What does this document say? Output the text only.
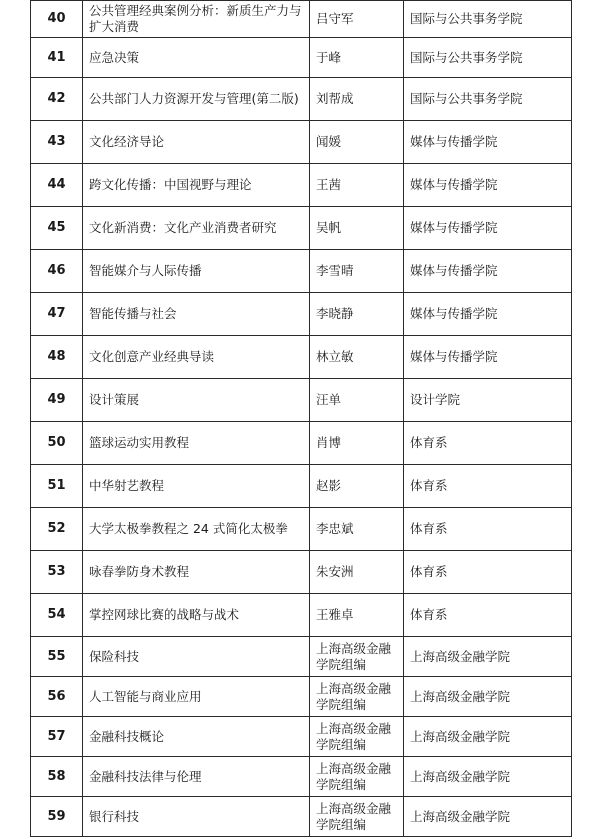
40	公共管理经典案例分析：新质生产力与扩大消费	吕守军	国际与公共事务学院
41	应急决策	于峰	国际与公共事务学院
42	公共部门人力资源开发与管理(第二版)	刘帮成	国际与公共事务学院
43	文化经济导论	闻媛	媒体与传播学院
44	跨文化传播：中国视野与理论	王茜	媒体与传播学院
45	文化新消费：文化产业消费者研究	吴帆	媒体与传播学院
46	智能媒介与人际传播	李雪晴	媒体与传播学院
47	智能传播与社会	李晓静	媒体与传播学院
48	文化创意产业经典导读	林立敏	媒体与传播学院
49	设计策展	汪单	设计学院
50	篮球运动实用教程	肖博	体育系
51	中华射艺教程	赵影	体育系
52	大学太极拳教程之 24 式简化太极拳	李忠斌	体育系
53	咏春拳防身术教程	朱安洲	体育系
54	掌控网球比赛的战略与战术	王雅卓	体育系
55	保险科技	上海高级金融学院组编	上海高级金融学院
56	人工智能与商业应用	上海高级金融学院组编	上海高级金融学院
57	金融科技概论	上海高级金融学院组编	上海高级金融学院
58	金融科技法律与伦理	上海高级金融学院组编	上海高级金融学院
59	银行科技	上海高级金融学院组编	上海高级金融学院
